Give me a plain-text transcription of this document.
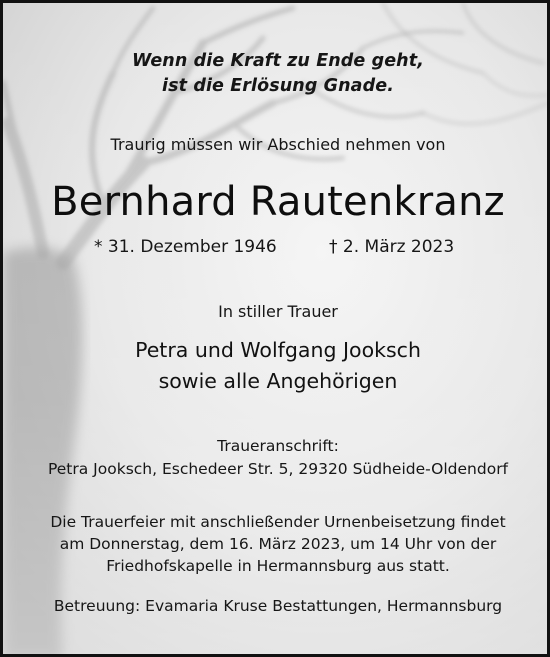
Wenn die Kraft zu Ende geht,
ist die Erlösung Gnade.
Traurig müssen wir Abschied nehmen von
Bernhard Rautenkranz
* 31. Dezember 1946	† 2. März 2023
In stiller Trauer
Petra und Wolfgang Jooksch
sowie alle Angehörigen
Traueranschrift:
Petra Jooksch, Eschedeer Str. 5, 29320 Südheide-Oldendorf
Die Trauerfeier mit anschließender Urnenbeisetzung findet
am Donnerstag, dem 16. März 2023, um 14 Uhr von der
Friedhofskapelle in Hermannsburg aus statt.
Betreuung: Evamaria Kruse Bestattungen, Hermannsburg
